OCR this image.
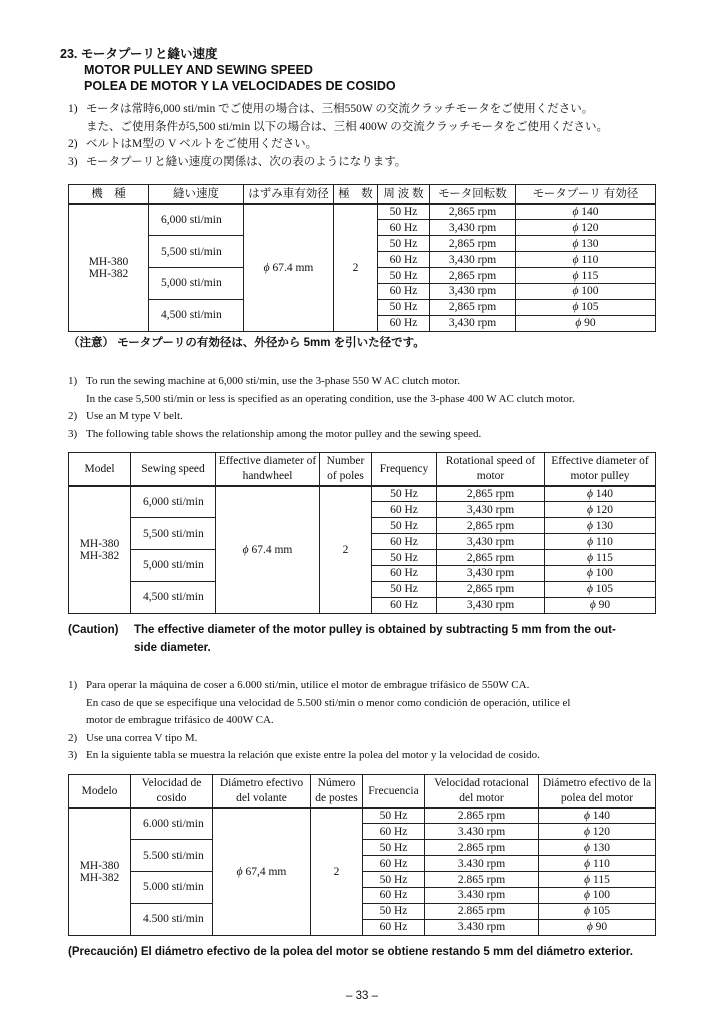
23. モータプーリと縫い速度
MOTOR PULLEY AND SEWING SPEED
POLEA DE MOTOR Y LA VELOCIDADES DE COSIDO
1) モータは常時6,000 sti/min でご使用の場合は、三相550W の交流クラッチモータをご使用ください。
また、ご使用条件が5,500 sti/min 以下の場合は、三相 400W の交流クラッチモータをご使用ください。
2) ベルトはM型の V ベルトをご使用ください。
3) モータプーリと縫い速度の関係は、次の表のようになります。
機　種	縫い速度	はずみ車有効径	極　数	周 波 数	モータ回転数	モータプーリ 有効径

MH-380
MH-382	6,000 sti/min	ϕ 67.4 mm	2	50 Hz	2,865 rpm	ϕ 140
				60 Hz	3,430 rpm	ϕ 120
	5,500 sti/min			50 Hz	2,865 rpm	ϕ 130
				60 Hz	3,430 rpm	ϕ 110
	5,000 sti/min			50 Hz	2,865 rpm	ϕ 115
				60 Hz	3,430 rpm	ϕ 100
	4,500 sti/min			50 Hz	2,865 rpm	ϕ 105
				60 Hz	3,430 rpm	ϕ 90
（注意） モータプーリの有効径は、外径から 5mm を引いた径です。
1) To run the sewing machine at 6,000 sti/min, use the 3-phase 550 W AC clutch motor.
In the case 5,500 sti/min or less is specified as an operating condition, use the 3-phase 400 W AC clutch motor.
2) Use an M type V belt.
3) The following table shows the relationship among the motor pulley and the sewing speed.
Model	Sewing speed	Effective diameter of handwheel	Number of poles	Frequency	Rotational speed of motor	Effective diameter of motor pulley

MH-380
MH-382	6,000 sti/min	ϕ 67.4 mm	2	50 Hz	2,865 rpm	ϕ 140
				60 Hz	3,430 rpm	ϕ 120
	5,500 sti/min			50 Hz	2,865 rpm	ϕ 130
				60 Hz	3,430 rpm	ϕ 110
	5,000 sti/min			50 Hz	2,865 rpm	ϕ 115
				60 Hz	3,430 rpm	ϕ 100
	4,500 sti/min			50 Hz	2,865 rpm	ϕ 105
				60 Hz	3,430 rpm	ϕ 90
(Caution) The effective diameter of the motor pulley is obtained by subtracting 5 mm from the out-
side diameter.
1) Para operar la máquina de coser a 6.000 sti/min, utilice el motor de embrague trifásico de 550W CA.
En caso de que se especifique una velocidad de 5.500 sti/min o menor como condición de operación, utilice el
motor de embrague trifásico de 400W CA.
2) Use una correa V tipo M.
3) En la siguiente tabla se muestra la relación que existe entre la polea del motor y la velocidad de cosido.
Modelo	Velocidad de cosido	Diámetro efectivo del volante	Número de postes	Frecuencia	Velocidad rotacional del motor	Diámetro efectivo de la polea del motor

MH-380
MH-382	6.000 sti/min	ϕ 67,4 mm	2	50 Hz	2.865 rpm	ϕ 140
				60 Hz	3.430 rpm	ϕ 120
	5.500 sti/min			50 Hz	2.865 rpm	ϕ 130
				60 Hz	3.430 rpm	ϕ 110
	5.000 sti/min			50 Hz	2.865 rpm	ϕ 115
				60 Hz	3.430 rpm	ϕ 100
	4.500 sti/min			50 Hz	2.865 rpm	ϕ 105
				60 Hz	3.430 rpm	ϕ 90
(Precaución) El diámetro efectivo de la polea del motor se obtiene restando 5 mm del diámetro exterior.
– 33 –
